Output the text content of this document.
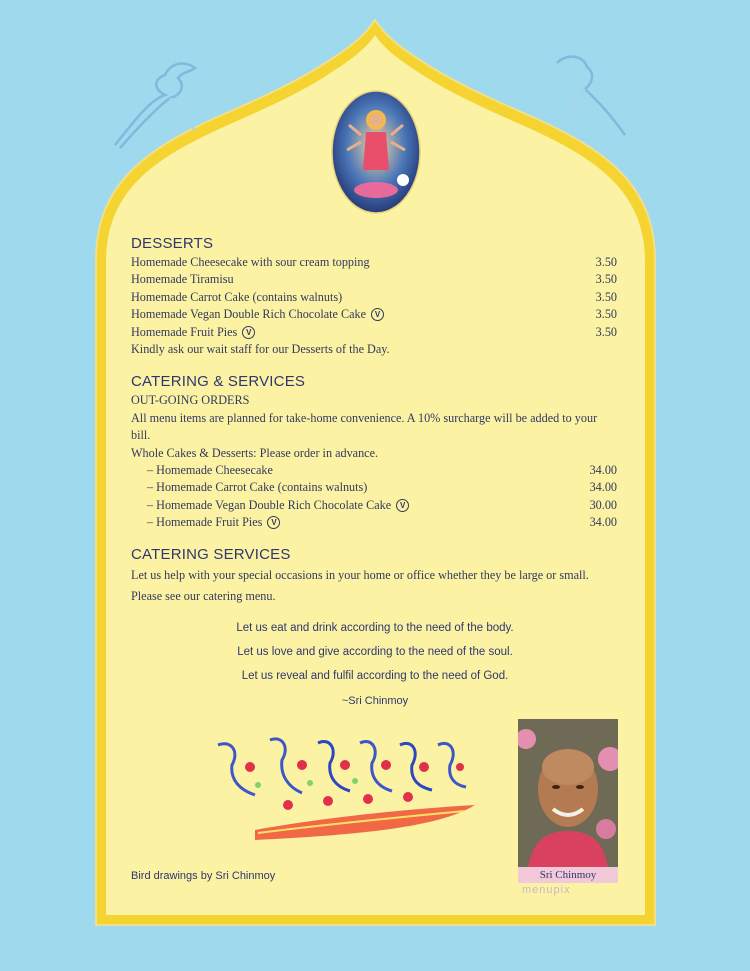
DESSERTS
Homemade Cheesecake with sour cream topping	3.50
Homemade Tiramisu	3.50
Homemade Carrot Cake (contains walnuts)	3.50
Homemade Vegan Double Rich Chocolate Cake V	3.50
Homemade Fruit Pies V	3.50
Kindly ask our wait staff for our Desserts of the Day.
CATERING & SERVICES
OUT-GOING ORDERS
All menu items are planned for take-home convenience. A 10% surcharge will be added to your bill.
Whole Cakes & Desserts: Please order in advance.
– Homemade Cheesecake	34.00
– Homemade Carrot Cake (contains walnuts)	34.00
– Homemade Vegan Double Rich Chocolate Cake V	30.00
– Homemade Fruit Pies V	34.00
CATERING SERVICES
Let us help with your special occasions in your home or office whether they be large or small.
Please see our catering menu.
Let us eat and drink according to the need of the body.
Let us love and give according to the need of the soul.
Let us reveal and fulfil according to the need of God.
~Sri Chinmoy
Bird drawings by Sri Chinmoy	Sri Chinmoy
menupix
